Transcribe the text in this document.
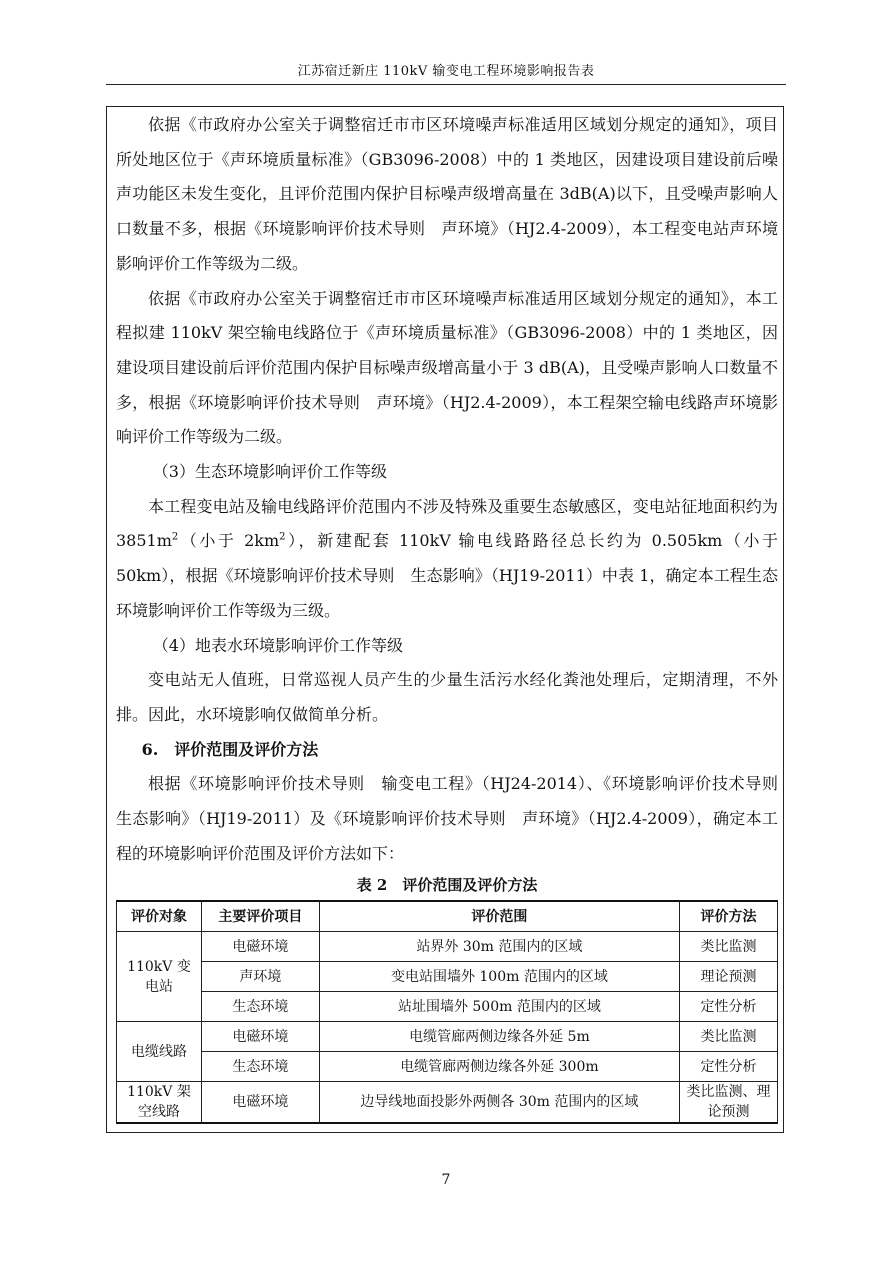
江苏宿迁新庄 110kV 输变电工程环境影响报告表

依据《市政府办公室关于调整宿迁市市区环境噪声标准适用区域划分规定的通知》，项目所处地区位于《声环境质量标准》（GB3096-2008）中的 1 类地区，因建设项目建设前后噪声功能区未发生变化，且评价范围内保护目标噪声级增高量在 3dB(A)以下，且受噪声影响人口数量不多，根据《环境影响评价技术导则　声环境》（HJ2.4-2009），本工程变电站声环境影响评价工作等级为二级。

依据《市政府办公室关于调整宿迁市市区环境噪声标准适用区域划分规定的通知》，本工程拟建 110kV 架空输电线路位于《声环境质量标准》（GB3096-2008）中的 1 类地区，因建设项目建设前后评价范围内保护目标噪声级增高量小于 3 dB(A)，且受噪声影响人口数量不多，根据《环境影响评价技术导则　声环境》（HJ2.4-2009），本工程架空输电线路声环境影响评价工作等级为二级。

（3）生态环境影响评价工作等级

本工程变电站及输电线路评价范围内不涉及特殊及重要生态敏感区，变电站征地面积约为 $3851m^2$（小于 $2km^2$），新建配套 110kV 输电线路路径总长约为 0.505km（小于 50km），根据《环境影响评价技术导则　生态影响》（HJ19-2011）中表 1，确定本工程生态环境影响评价工作等级为三级。

（4）地表水环境影响评价工作等级

变电站无人值班，日常巡视人员产生的少量生活污水经化粪池处理后，定期清理，不外排。因此，水环境影响仅做简单分析。

6.　评价范围及评价方法

根据《环境影响评价技术导则　输变电工程》（HJ24-2014）、《环境影响评价技术导则　生态影响》（HJ19-2011）及《环境影响评价技术导则　声环境》（HJ2.4-2009），确定本工程的环境影响评价范围及评价方法如下：

表 2　评价范围及评价方法
评价对象	主要评价项目	评价范围	评价方法
110kV 变电站	电磁环境	站界外 30m 范围内的区域	类比监测
	声环境	变电站围墙外 100m 范围内的区域	理论预测
	生态环境	站址围墙外 500m 范围内的区域	定性分析
电缆线路	电磁环境	电缆管廊两侧边缘各外延 5m	类比监测
	生态环境	电缆管廊两侧边缘各外延 300m	定性分析
110kV 架空线路	电磁环境	边导线地面投影外两侧各 30m 范围内的区域	类比监测、理论预测
7
